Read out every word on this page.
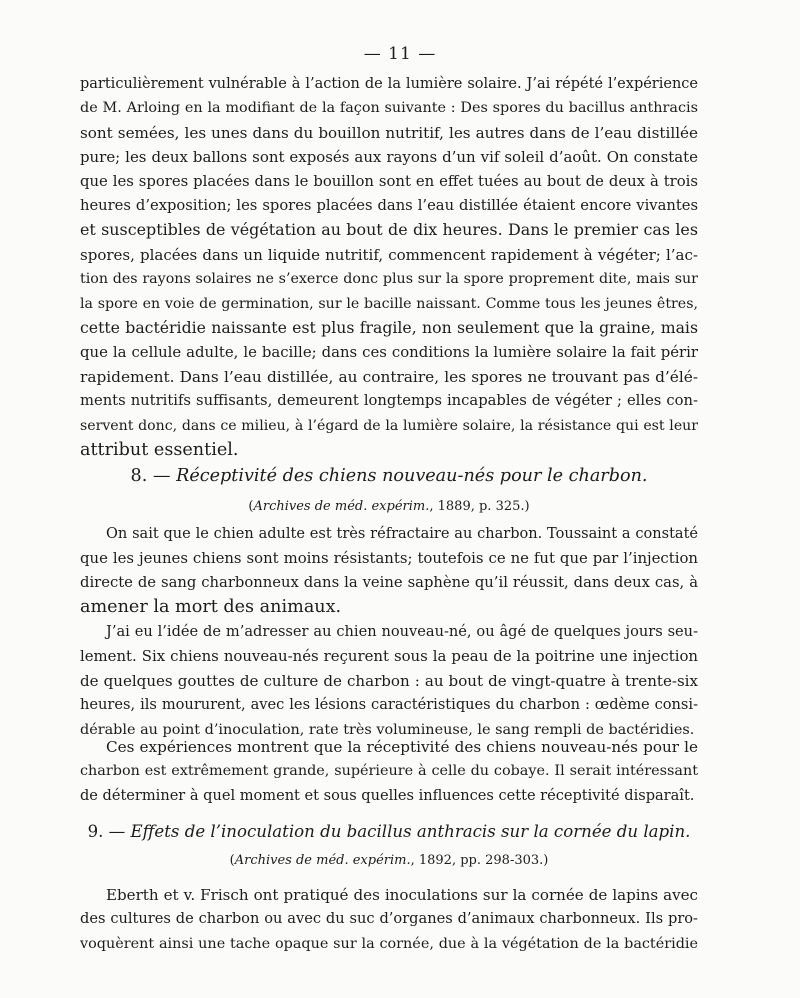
— 11 —
particulièrement vulnérable à l’action de la lumière solaire. J’ai répété l’expérience
de M. Arloing en la modifiant de la façon suivante : Des spores du bacillus anthracis
sont semées, les unes dans du bouillon nutritif, les autres dans de l’eau distillée
pure; les deux ballons sont exposés aux rayons d’un vif soleil d’août. On constate
que les spores placées dans le bouillon sont en effet tuées au bout de deux à trois
heures d’exposition; les spores placées dans l’eau distillée étaient encore vivantes
et susceptibles de végétation au bout de dix heures. Dans le premier cas les
spores, placées dans un liquide nutritif, commencent rapidement à végéter; l’ac-
tion des rayons solaires ne s’exerce donc plus sur la spore proprement dite, mais sur
la spore en voie de germination, sur le bacille naissant. Comme tous les jeunes êtres,
cette bactéridie naissante est plus fragile, non seulement que la graine, mais
que la cellule adulte, le bacille; dans ces conditions la lumière solaire la fait périr
rapidement. Dans l’eau distillée, au contraire, les spores ne trouvant pas d’élé-
ments nutritifs suffisants, demeurent longtemps incapables de végéter ; elles con-
servent donc, dans ce milieu, à l’égard de la lumière solaire, la résistance qui est leur
attribut essentiel.
8. — Réceptivité des chiens nouveau-nés pour le charbon.
(Archives de méd. expérim., 1889, p. 325.)
On sait que le chien adulte est très réfractaire au charbon. Toussaint a constaté
que les jeunes chiens sont moins résistants; toutefois ce ne fut que par l’injection
directe de sang charbonneux dans la veine saphène qu’il réussit, dans deux cas, à
amener la mort des animaux.
J’ai eu l’idée de m’adresser au chien nouveau-né, ou âgé de quelques jours seu-
lement. Six chiens nouveau-nés reçurent sous la peau de la poitrine une injection
de quelques gouttes de culture de charbon : au bout de vingt-quatre à trente-six
heures, ils moururent, avec les lésions caractéristiques du charbon : œdème consi-
dérable au point d’inoculation, rate très volumineuse, le sang rempli de bactéridies.
Ces expériences montrent que la réceptivité des chiens nouveau-nés pour le
charbon est extrêmement grande, supérieure à celle du cobaye. Il serait intéressant
de déterminer à quel moment et sous quelles influences cette réceptivité disparaît.
9. — Effets de l’inoculation du bacillus anthracis sur la cornée du lapin.
(Archives de méd. expérim., 1892, pp. 298-303.)
Eberth et v. Frisch ont pratiqué des inoculations sur la cornée de lapins avec
des cultures de charbon ou avec du suc d’organes d’animaux charbonneux. Ils pro-
voquèrent ainsi une tache opaque sur la cornée, due à la végétation de la bactéridie
